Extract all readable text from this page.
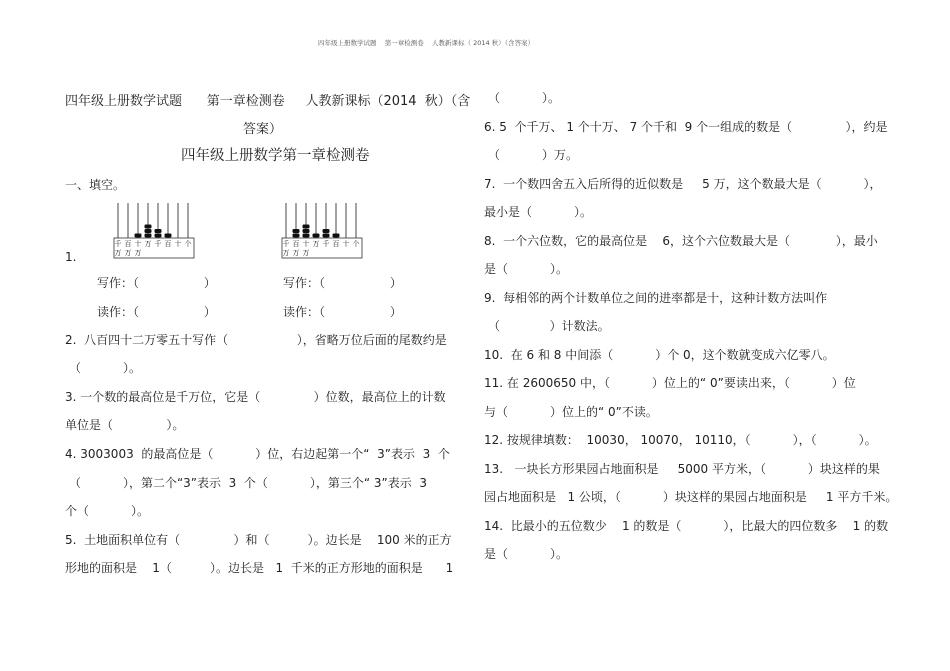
四年级上册数学试题    第一章检测卷    人教新课标（ 2014 秋）（含答案）
四年级上册数学试题      第一章检测卷     人教新课标（2014  秋）（含
答案）
四年级上册数学第一章检测卷
一、填空。
千
万
百
万
十
万
万 千 百 十 个	千
万
百
万
十
万
万 千 百 十 个
1.
写作：（                 ）
读作：（                 ）
写作：（                 ）
读作：（                 ）
2.  八百四十二万零五十写作（                  ），省略万位后面的尾数约是
（           ）。
3. 一个数的最高位是千万位，它是（              ）位数，最高位上的计数
单位是（              ）。
4. 3003003  的最高位是（           ）位，右边起第一个“  3”表示  3  个
（           ），第二个“3”表示  3  个（           ），第三个“ 3”表示  3
个（           ）。
5.  土地面积单位有（              ）和（          ）。边长是    100 米的正方
形地的面积是    1（          ）。边长是   1  千米的正方形地的面积是      1
（           ）。
6. 5  个千万、 1 个十万、 7 个千和  9 个一组成的数是（              ），约是
（           ）万。
7.  一个数四舍五入后所得的近似数是     5 万，这个数最大是（           ），
最小是（           ）。
8.  一个六位数，它的最高位是    6，这个六位数最大是（            ），最小
是（           ）。
9.  每相邻的两个计数单位之间的进率都是十，这种计数方法叫作
（             ）计数法。
10.  在 6 和 8 中间添（           ）个 0，这个数就变成六亿零八。
11. 在 2600650 中，（           ）位上的“ 0”要读出来，（           ）位
与（           ）位上的“ 0”不读。
12. 按规律填数：  10030， 10070， 10110，（           ），（           ）。
13.   一块长方形果园占地面积是     5000 平方米，（           ）块这样的果
园占地面积是   1 公顷，（           ）块这样的果园占地面积是     1 平方千米。
14.  比最小的五位数少    1 的数是（           ），比最大的四位数多    1 的数
是（           ）。
